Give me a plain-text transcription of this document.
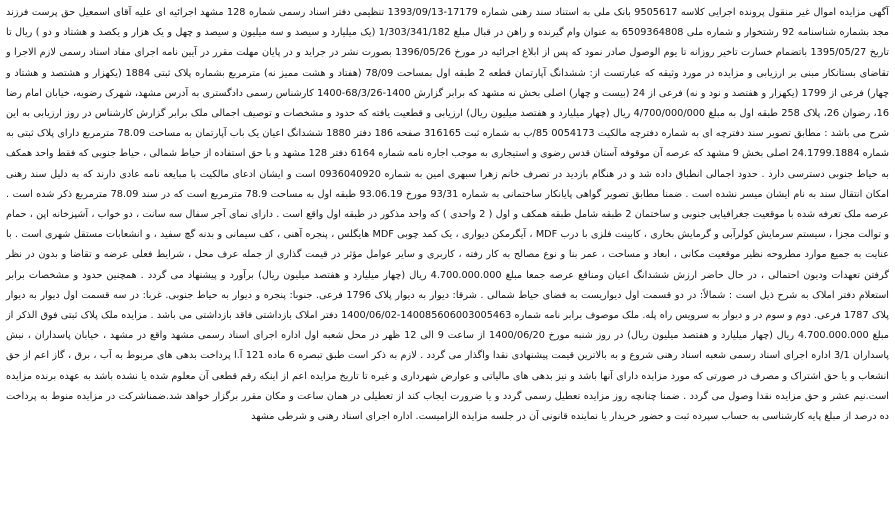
آگهی مزایده اموال غیر منقول پرونده اجرایی کلاسه 9505617 بانک ملی به استناد سند رهنی شماره 17179-1393/09/13 تنظیمی دفتر اسناد رسمی شماره 128 مشهد اجرائیه ای علیه آقای اسمعیل حق پرست فرزند مجد بشماره شناسنامه 92 رشتخوار و شماره ملی 6509364808 به عنوان وام گیرنده و راهن در قبال مبلغ 1/303/341/182 (یک میلیارد و سیصد و سه میلیون و سیصد و چهل و یک هزار و یکصد و هشتاد و دو ) ریال تا تاریخ 1395/05/27 باتضمام خسارت تاخیر روزانه تا یوم الوصول صادر نمود که پس از ابلاغ اجرائیه در مورخ 1396/05/26 بصورت نشر در جراید و در پایان مهلت مقرر در آیین نامه اجرای مفاد اسناد رسمی لازم الاجرا و تقاضای بستانکار مبنی بر ارزیابی و مزایده در مورد وثیقه که عبارتست از: ششدانگ آپارتمان قطعه 2 طبقه اول بمساحت 78/09 (هفتاد و هشت ممیز نه) مترمربع بشماره پلاک ثبتی 1884 (یکهزار و هشتصد و هشتاد و چهار) فرعی از 1799 (یکهزار و هفتصد و نود و نه) فرعی از 24 (بیست و چهار) اصلی بخش نه مشهد که برابر گزارش 1400-68/3/26-1400 کارشناس رسمی دادگستری به آدرس مشهد، شهرک رضویه، خیابان امام رضا 16، رضوان 26، پلاک 258 طبقه اول به مبلغ 4/700/000/000 ریال (چهار میلیارد و هفتصد میلیون ریال) ارزیابی و قطعیت یافته که حدود و مشخصات و توصیف اجمالی ملک برابر گزارش کارشناس در روز ارزیابی به این شرح می باشد : مطابق تصویر سند دفترچه ای به شماره دفترچه مالکیت 0054173 85/ب به شماره ثبت 316165 صفحه 186 دفتر 1880 ششدانگ اعیان یک باب آپارتمان به مساحت 78.09 مترمربع دارای پلاک ثبتی به شماره 24.1799.1884 اصلی بخش 9 مشهد که عرصه آن موقوفه آستان قدس رضوی و استیجاری به موجب اجاره نامه شماره 6164 دفتر 128 مشهد و با حق استفاده از حیاط شمالی ، حیاط جنوبی که فقط واحد همکف به حیاط جنوبی دسترسی دارد . حدود اجمالی انطباق داده شد و در هنگام بازدید در تصرف خانم زهرا سبهری امین به شماره 0936040920 است و ایشان ادعای مالکیت با مبایعه نامه عادی دارند که به دلیل سند رهنی امکان انتقال سند به نام ایشان میسر نشده است . ضمنا مطابق تصویر گواهی پایانکار ساختمانی به شماره 93/31 مورخ 93.06.19 طبقه اول به مساحت 78.9 مترمربع است که در سند 78.09 مترمربع ذکر شده است . عرصه ملک تعرفه شده با موقعیت جغرافیایی جنوبی و ساختمان 2 طبقه شامل طبقه همکف و اول ( 2 واحدی ) که واحد مذکور در طبقه اول واقع است . دارای نمای آجر سفال سه سانت ، دو خواب ، آشپزخانه اپن ، حمام و توالت مجزا ، سیستم سرمایش کولرآبی و گرمایش بخاری ، کابینت فلزی با درب MDF ، آیگرمکن دیواری ، یک کمد چوبی MDF هایگلس ، پنجره آهنی ، کف سیمانی و بدنه گچ سفید ، و انشعابات مستقل شهری است . با عنایت به جمیع موارد مطروحه نظیر موقعیت مکانی ، ابعاد و مساحت ، عمر بنا و نوع مصالح به کار رفته ، کاربری و سایر عوامل مؤثر در قیمت گذاری از جمله عرف محل ، شرایط فعلی عرضه و تقاضا و بدون در نظر گرفتن تعهدات ودیون احتمالی ، در حال حاضر ارزش ششدانگ اعیان ومنافع عرصه جمعا مبلغ 4.700.000.000 ریال (چهار میلیارد و هفتصد میلیون ریال) برآورد و پیشنهاد می گردد . همچنین حدود و مشخصات برابر استعلام دفتر املاک به شرح ذیل است : شمالاً: در دو قسمت اول دیواریست به فضای حیاط شمالی . شرقا: دیوار به دیوار پلاک 1796 فرعی. جنوبا: پنجره و دیوار به حیاط جنوبی. غربا: در سه قسمت اول دیوار به دیوار پلاک 1787 فرعی. دوم و سوم در و دیوار به سرویس راه پله. ملک موصوف برابر نامه شماره 140085606003005463-1400/06/02 دفتر املاک بازداشتی فاقد بازداشتی می باشد . مزایده ملک پلاک ثبتی فوق الذکر از مبلغ 4.700.000.000 ریال (چهار میلیارد و هفتصد میلیون ریال) در روز شنبه مورخ 1400/06/20 از ساعت 9 الی 12 ظهر در محل شعبه اول اداره اجرای اسناد رسمی مشهد واقع در مشهد ، خیابان پاسداران ، نبش پاسداران 3/1 اداره اجرای اسناد رسمی شعبه اسناد رهنی شروع و به بالاترین قیمت پیشنهادی نقدا واگذار می گردد . لازم به ذکر است طبق تبصره 6 ماده 121 آ.ا پرداخت بدهی های مربوط به آب ، برق ، گاز اعم از حق انشعاب و یا حق اشتراک و مصرف در صورتی که مورد مزایده دارای آنها باشد و نیز بدهی های مالیاتی و عوارض شهرداری و غیره تا تاریخ مزایده اعم از اینکه رقم قطعی آن معلوم شده یا نشده باشد به عهده برنده مزایده است.نیم عشر و حق مزایده نقدا وصول می گردد . ضمنا چنانچه روز مزایده تعطیل رسمی گردد و یا ضرورت ایجاب کند از تعطیلی در همان ساعت و مکان مقرر برگزار خواهد شد.ضمناشرکت در مزایده منوط به پرداخت ده درصد از مبلغ پایه کارشناسی به حساب سپرده ثبت و حضور خریدار یا نماینده قانونی آن در جلسه مزایده الزامیست. اداره اجرای اسناد رهنی و شرطی مشهد
